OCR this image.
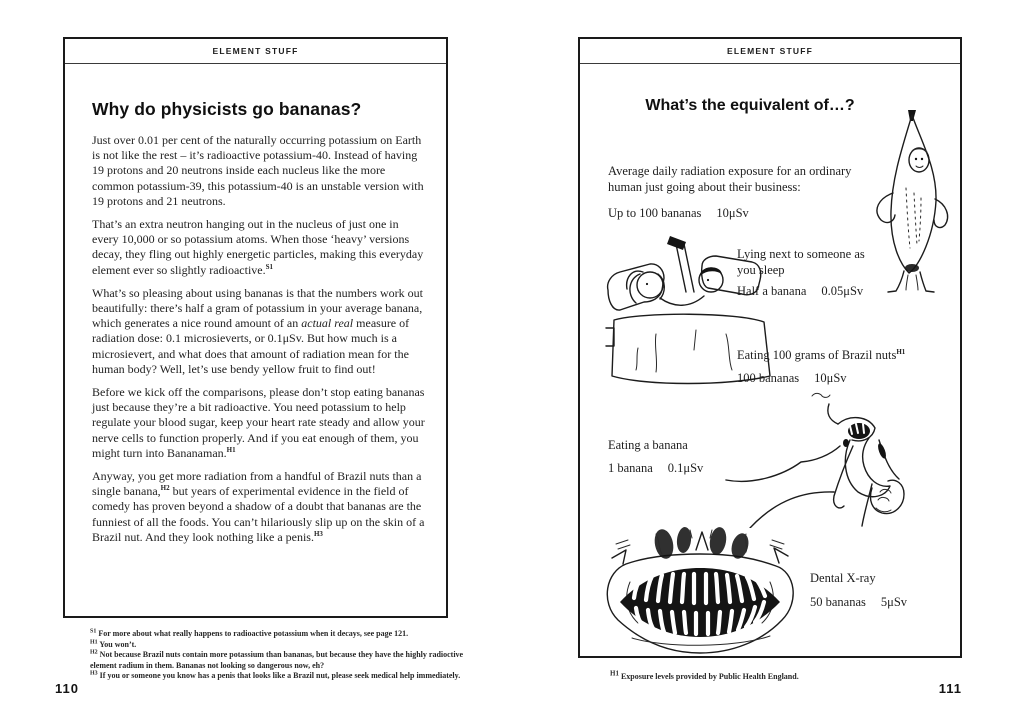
ELEMENT STUFF
Why do physicists go bananas?

Just over 0.01 per cent of the naturally occurring potassium on Earth is not like the rest – it’s radioactive potassium-40. Instead of having 19 protons and 20 neutrons inside each nucleus like the more common potassium-39, this potassium-40 is an unstable version with 19 protons and 21 neutrons.

That’s an extra neutron hanging out in the nucleus of just one in every 10,000 or so potassium atoms. When those ‘heavy’ versions decay, they fling out highly energetic particles, making this everyday element ever so slightly radioactive.$^{S1}$

What’s so pleasing about using bananas is that the numbers work out beautifully: there’s half a gram of potassium in your average banana, which generates a nice round amount of an actual real measure of radiation dose: 0.1 microsieverts, or 0.1μSv. But how much is a microsievert, and what does that amount of radiation mean for the human body? Well, let’s use bendy yellow fruit to find out!

Before we kick off the comparisons, please don’t stop eating bananas just because they’re a bit radioactive. You need potassium to help regulate your blood sugar, keep your heart rate steady and allow your nerve cells to function properly. And if you eat enough of them, you might turn into Bananaman.$^{H1}$

Anyway, you get more radiation from a handful of Brazil nuts than a single banana,$^{H2}$ but years of experimental evidence in the field of comedy has proven beyond a shadow of a doubt that bananas are the funniest of all the foods. You can’t hilariously slip up on the skin of a Brazil nut. And they look nothing like a penis.$^{H3}$

$^{S1}$ For more about what really happens to radioactive potassium when it decays, see page 121.
$^{H1}$ You won’t.
$^{H2}$ Not because Brazil nuts contain more potassium than bananas, but because they have the highly radioctive element radium in them. Bananas not looking so dangerous now, eh?
$^{H3}$ If you or someone you know has a penis that looks like a Brazil nut, please seek medical help immediately.
110
ELEMENT STUFF
What’s the equivalent of…?
Average daily radiation exposure for an ordinary human just going about their business:
Up to 100 bananas 10μSv
Lying next to someone as you sleep
Half a banana 0.05μSv
Eating 100 grams of Brazil nuts$^{H1}$
100 bananas 10μSv
Eating a banana
1 banana 0.1μSv
Dental X-ray
50 bananas 5μSv
$^{H1}$ Exposure levels provided by Public Health England.
111
